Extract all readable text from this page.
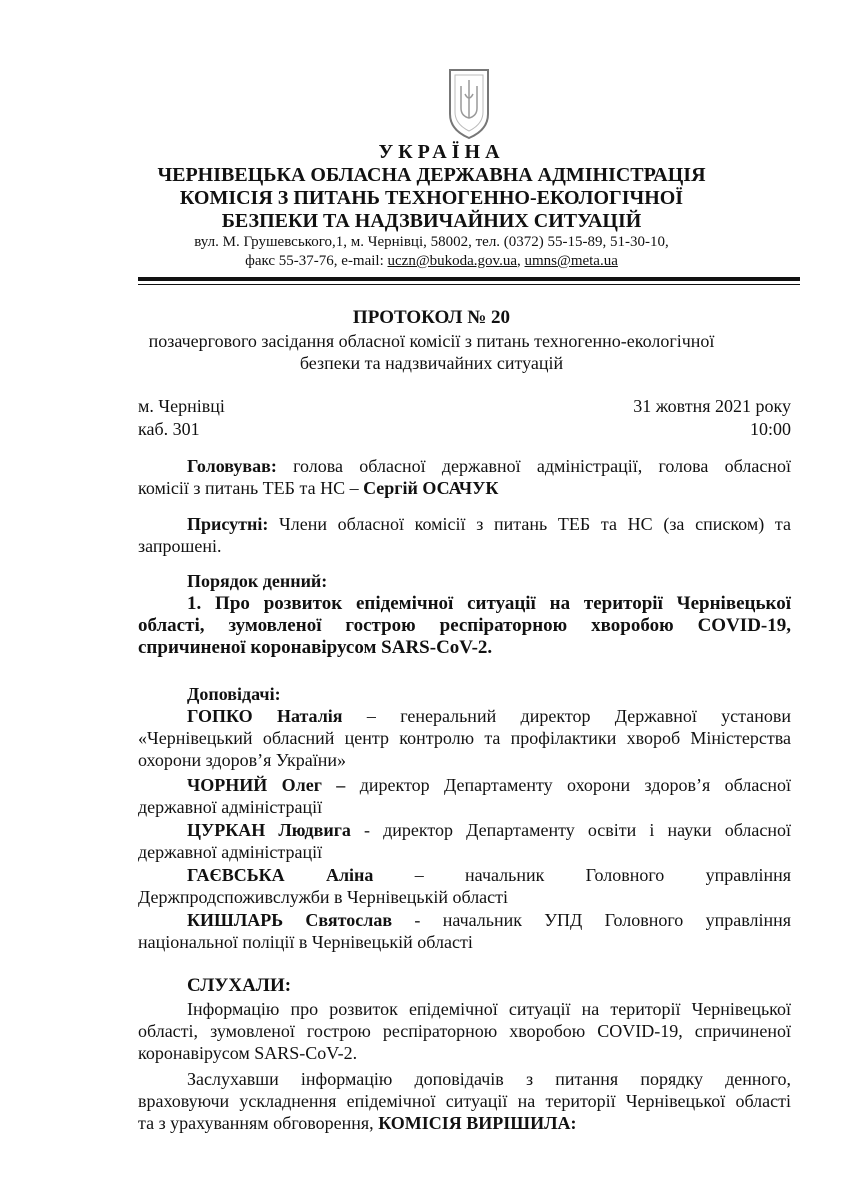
УКРАЇНА
ЧЕРНІВЕЦЬКА ОБЛАСНА ДЕРЖАВНА АДМІНІСТРАЦІЯ
КОМІСІЯ З ПИТАНЬ ТЕХНОГЕННО-ЕКОЛОГІЧНОЇ
БЕЗПЕКИ ТА НАДЗВИЧАЙНИХ СИТУАЦІЙ
вул. М. Грушевського,1, м. Чернівці, 58002, тел. (0372) 55-15-89, 51-30-10,
факс 55-37-76, e-mail: uczn@bukoda.gov.ua, umns@meta.ua
ПРОТОКОЛ № 20
позачергового засідання обласної комісії з питань техногенно-екологічної
безпеки та надзвичайних ситуацій
м. Чернівці	31 жовтня 2021 року
каб. 301	10:00
Головував: голова обласної державної адміністрації, голова обласної
комісії з питань ТЕБ та НС – Сергій ОСАЧУК
Присутні: Члени обласної комісії з питань ТЕБ та НС (за списком) та
запрошені.
Порядок денний:
1. Про розвиток епідемічної ситуації на території Чернівецької
області, зумовленої гострою респіраторною хворобою COVID-19,
спричиненої коронавірусом SARS-CoV-2.
Доповідачі:
ГОПКО Наталія – генеральний директор Державної установи
«Чернівецький обласний центр контролю та профілактики хвороб Міністерства
охорони здоров’я України»
ЧОРНИЙ Олег – директор Департаменту охорони здоров’я обласної
державної адміністрації
ЦУРКАН Людвига - директор Департаменту освіти і науки обласної
державної адміністрації
ГАЄВСЬКА Аліна – начальник Головного управління
Держпродспоживслужби в Чернівецькій області
КИШЛАРЬ Святослав - начальник УПД Головного управління
національної поліції в Чернівецькій області
СЛУХАЛИ:
Інформацію про розвиток епідемічної ситуації на території Чернівецької
області, зумовленої гострою респіраторною хворобою COVID-19, спричиненої
коронавірусом SARS-CoV-2.
Заслухавши інформацію доповідачів з питання порядку денного,
враховуючи ускладнення епідемічної ситуації на території Чернівецької області
та з урахуванням обговорення, КОМІСІЯ ВИРІШИЛА:
